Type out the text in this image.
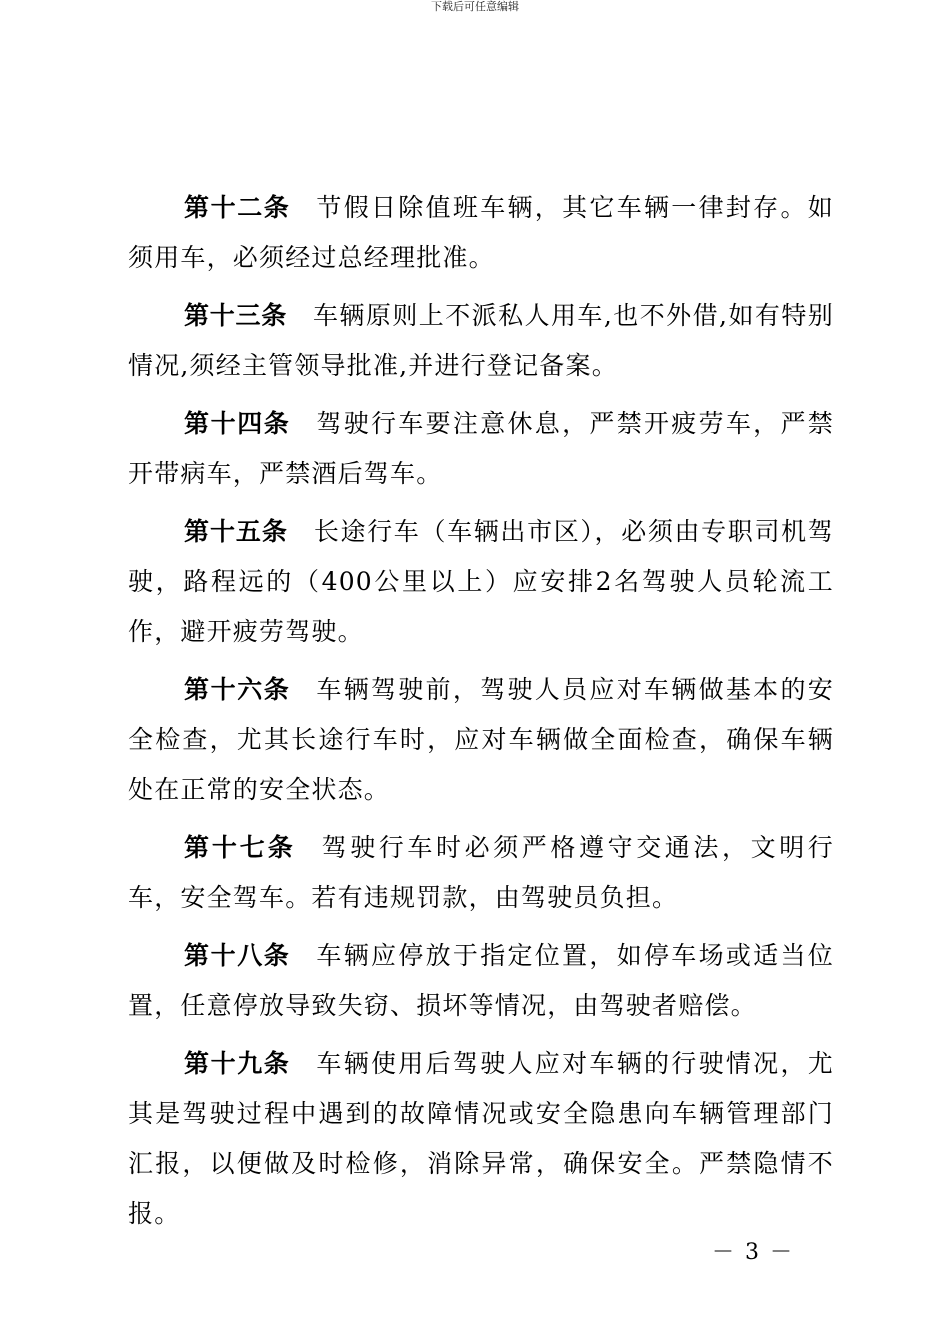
下载后可任意编辑

第十二条 节假日除值班车辆，其它车辆一律封存。如须用车，必须经过总经理批准。

第十三条 车辆原则上不派私人用车,也不外借,如有特别情况,须经主管领导批准,并进行登记备案。

第十四条 驾驶行车要注意休息，严禁开疲劳车，严禁开带病车，严禁酒后驾车。

第十五条 长途行车（车辆出市区），必须由专职司机驾驶，路程远的（400公里以上）应安排2名驾驶人员轮流工作，避开疲劳驾驶。

第十六条 车辆驾驶前，驾驶人员应对车辆做基本的安全检查，尤其长途行车时，应对车辆做全面检查，确保车辆处在正常的安全状态。

第十七条 驾驶行车时必须严格遵守交通法，文明行车，安全驾车。若有违规罚款，由驾驶员负担。

第十八条 车辆应停放于指定位置，如停车场或适当位置，任意停放导致失窃、损坏等情况，由驾驶者赔偿。

第十九条 车辆使用后驾驶人应对车辆的行驶情况，尤其是驾驶过程中遇到的故障情况或安全隐患向车辆管理部门汇报，以便做及时检修，消除异常，确保安全。严禁隐情不报。

－ 3 －
